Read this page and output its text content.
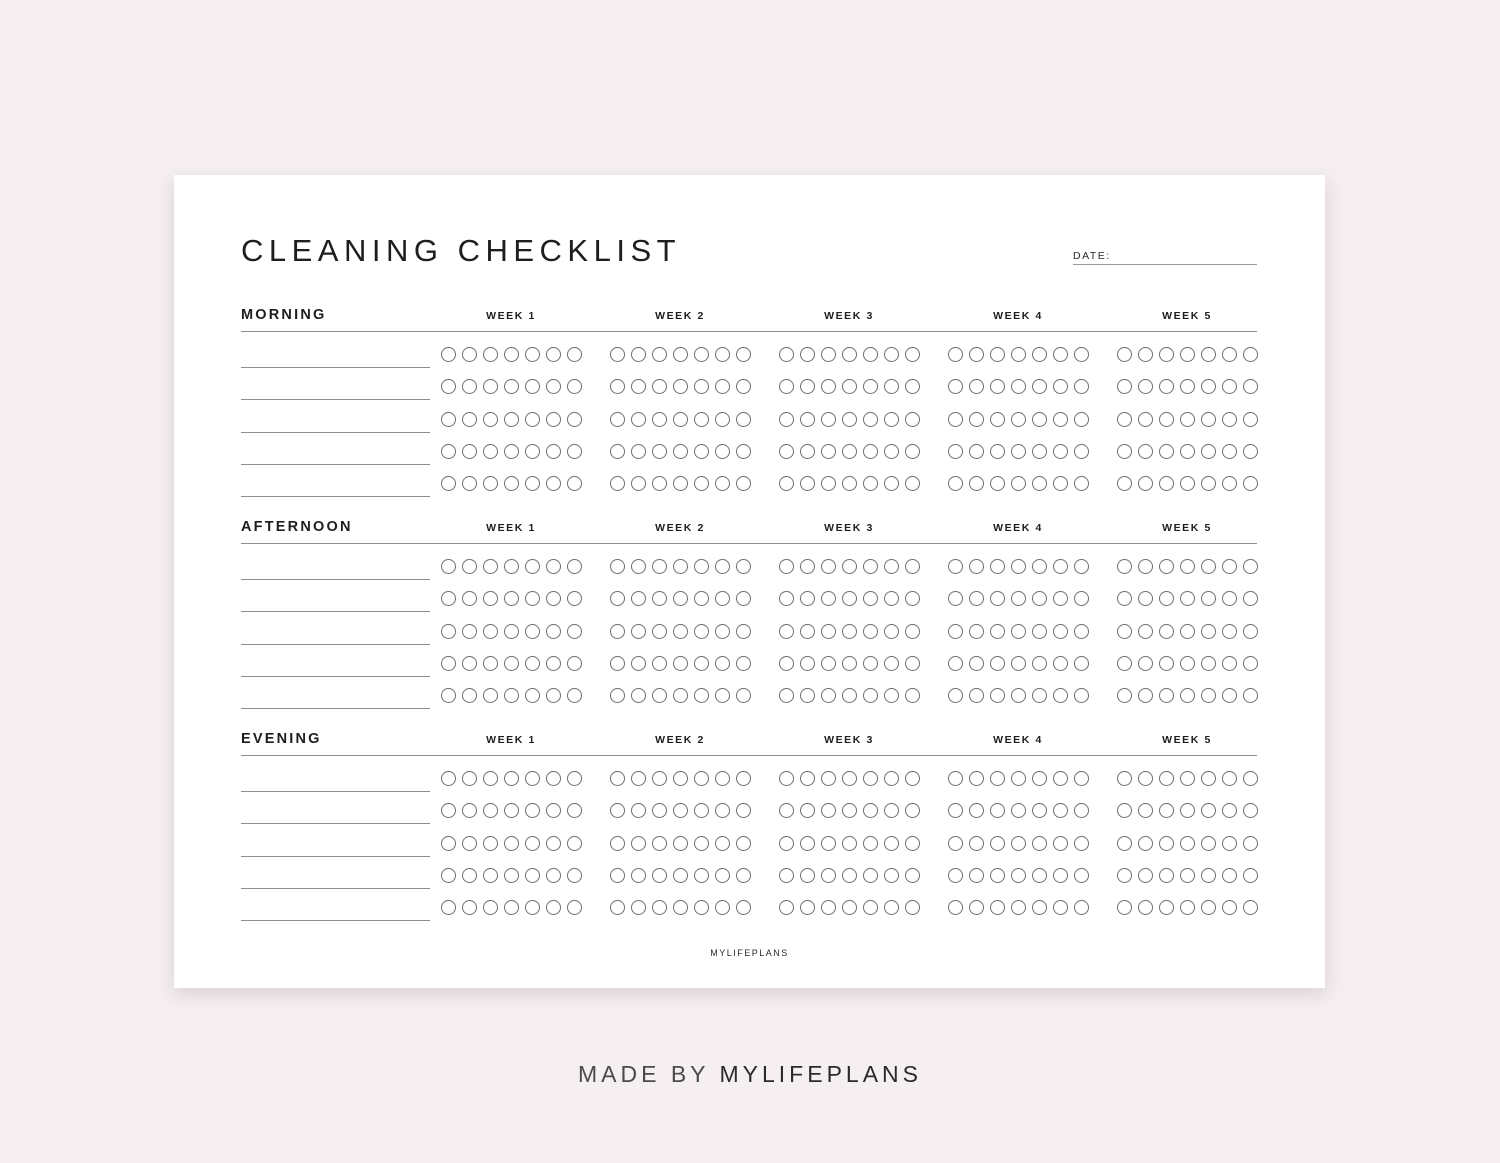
CLEANING CHECKLIST	DATE:
MORNING	WEEK 1	WEEK 2	WEEK 3	WEEK 4	WEEK 5
AFTERNOON	WEEK 1	WEEK 2	WEEK 3	WEEK 4	WEEK 5
EVENING	WEEK 1	WEEK 2	WEEK 3	WEEK 4	WEEK 5
MYLIFEPLANS
MADE BY MYLIFEPLANS
